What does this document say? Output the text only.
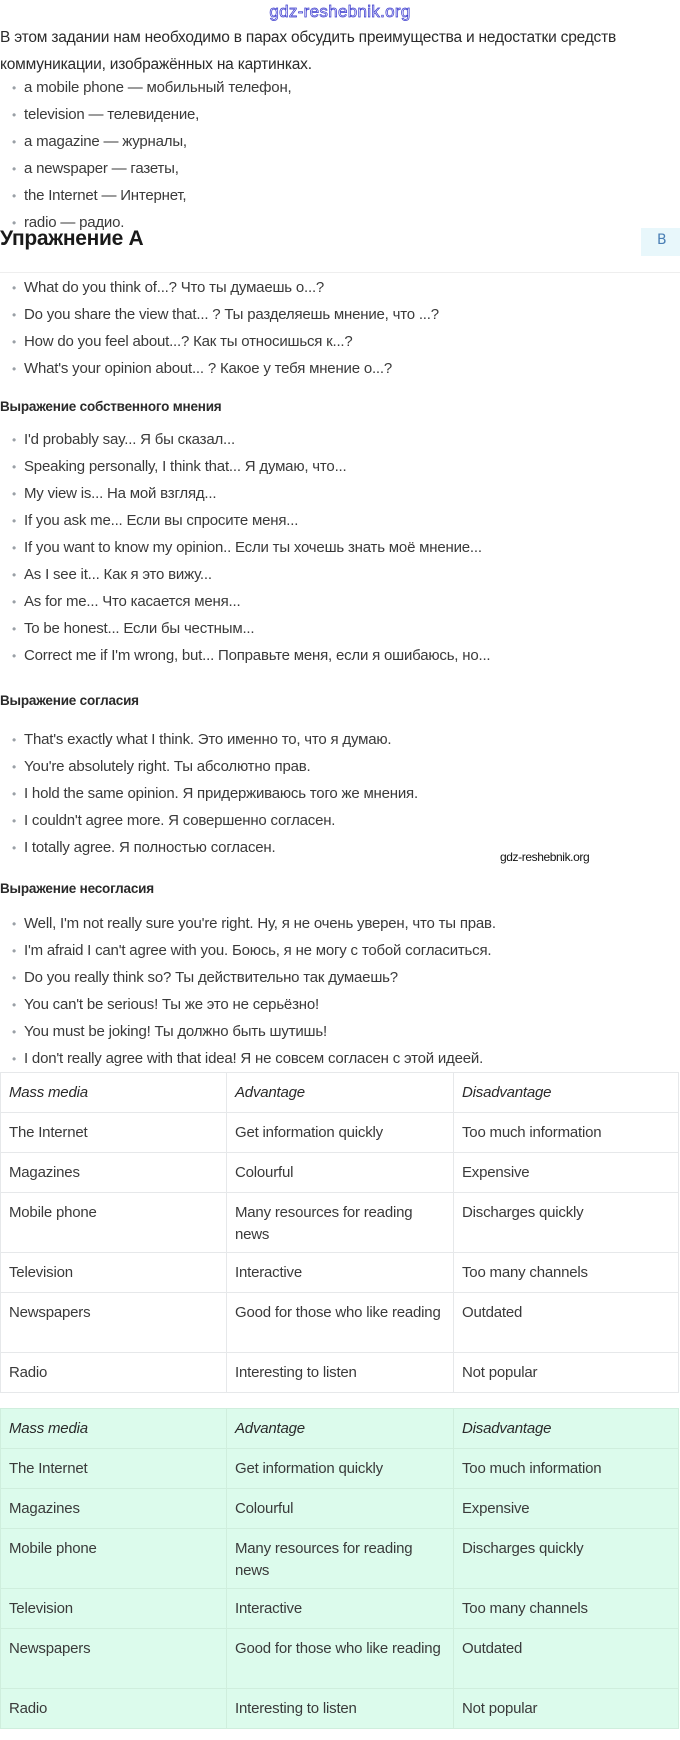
gdz-reshebnik.org
В этом задании нам необходимо в парах обсудить преимущества и недостатки средств коммуникации, изображённых на картинках.
• a mobile phone — мобильный телефон,
• television — телевидение,
• a magazine — журналы,
• a newspaper — газеты,
• the Internet — Интернет,
• radio — радио.
Упражнение A	B
• What do you think of...? Что ты думаешь о...?
• Do you share the view that... ? Ты разделяешь мнение, что ...?
• How do you feel about...? Как ты относишься к...?
• What's your opinion about... ? Какое у тебя мнение о...?
Выражение собственного мнения
• I'd probably say... Я бы сказал...
• Speaking personally, I think that... Я думаю, что...
• My view is... На мой взгляд...
• If you ask me... Если вы спросите меня...
• If you want to know my opinion.. Если ты хочешь знать моё мнение...
• As I see it... Как я это вижу...
• As for me... Что касается меня...
• To be honest... Если бы честным...
• Correct me if I'm wrong, but... Поправьте меня, если я ошибаюсь, но...
Выражение согласия
• That's exactly what I think. Это именно то, что я думаю.
• You're absolutely right. Ты абсолютно прав.
• I hold the same opinion. Я придерживаюсь того же мнения.
• I couldn't agree more. Я совершенно согласен.
• I totally agree. Я полностью согласен.
Выражение несогласия
• Well, I'm not really sure you're right. Ну, я не очень уверен, что ты прав.
• I'm afraid I can't agree with you. Боюсь, я не могу с тобой согласиться.
• Do you really think so? Ты действительно так думаешь?
• You can't be serious! Ты же это не серьёзно!
• You must be joking! Ты должно быть шутишь!
• I don't really agree with that idea! Я не совсем согласен с этой идеей.
Mass media	Advantage	Disadvantage
The Internet	Get information quickly	Too much information
Magazines	Colourful	Expensive
Mobile phone	Many resources for reading news	Discharges quickly
Television	Interactive	Too many channels
Newspapers	Good for those who like reading	Outdated
Radio	Interesting to listen	Not popular
Mass media	Advantage	Disadvantage
The Internet	Get information quickly	Too much information
Magazines	Colourful	Expensive
Mobile phone	Many resources for reading news	Discharges quickly
Television	Interactive	Too many channels
Newspapers	Good for those who like reading	Outdated
Radio	Interesting to listen	Not popular
gdz-reshebnik.org
